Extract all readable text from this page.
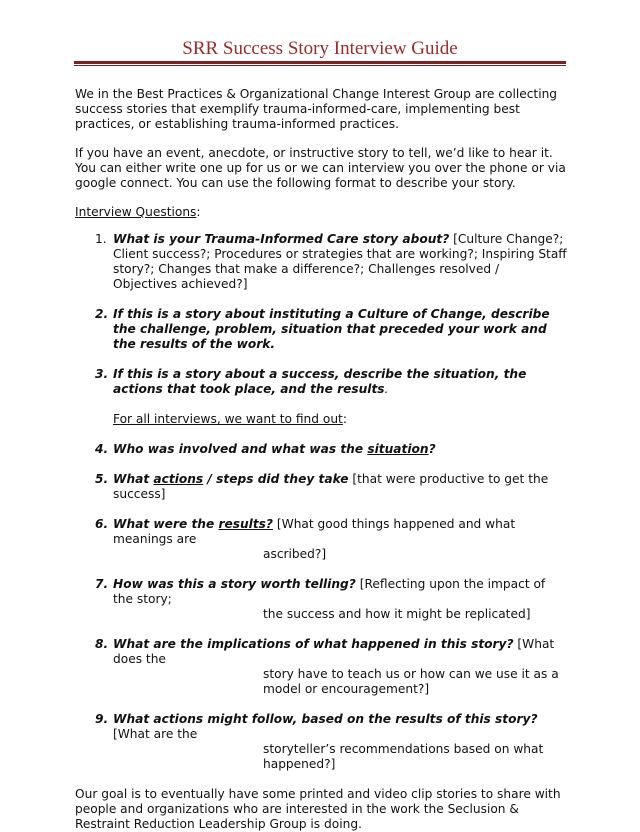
SRR Success Story Interview Guide

We in the Best Practices & Organizational Change Interest Group are collecting success stories that exemplify trauma-informed-care, implementing best practices, or establishing trauma-informed practices.

If you have an event, anecdote, or instructive story to tell, we’d like to hear it. You can either write one up for us or we can interview you over the phone or via google connect. You can use the following format to describe your story.

Interview Questions:

1. What is your Trauma-Informed Care story about? [Culture Change?; Client success?; Procedures or strategies that are working?; Inspiring Staff story?; Changes that make a difference?; Challenges resolved / Objectives achieved?]

2. If this is a story about instituting a Culture of Change, describe the challenge, problem, situation that preceded your work and the results of the work.

3. If this is a story about a success, describe the situation, the actions that took place, and the results.

For all interviews, we want to find out:

4. Who was involved and what was the situation?

5. What actions / steps did they take [that were productive to get the success]

6. What were the results? [What good things happened and what meanings are
ascribed?]

7. How was this a story worth telling? [Reflecting upon the impact of the story;
the success and how it might be replicated]

8. What are the implications of what happened in this story? [What does the
story have to teach us or how can we use it as a
model or encouragement?]

9. What actions might follow, based on the results of this story? [What are the
storyteller’s recommendations based on what
happened?]

Our goal is to eventually have some printed and video clip stories to share with people and organizations who are interested in the work the Seclusion & Restraint Reduction Leadership Group is doing.
